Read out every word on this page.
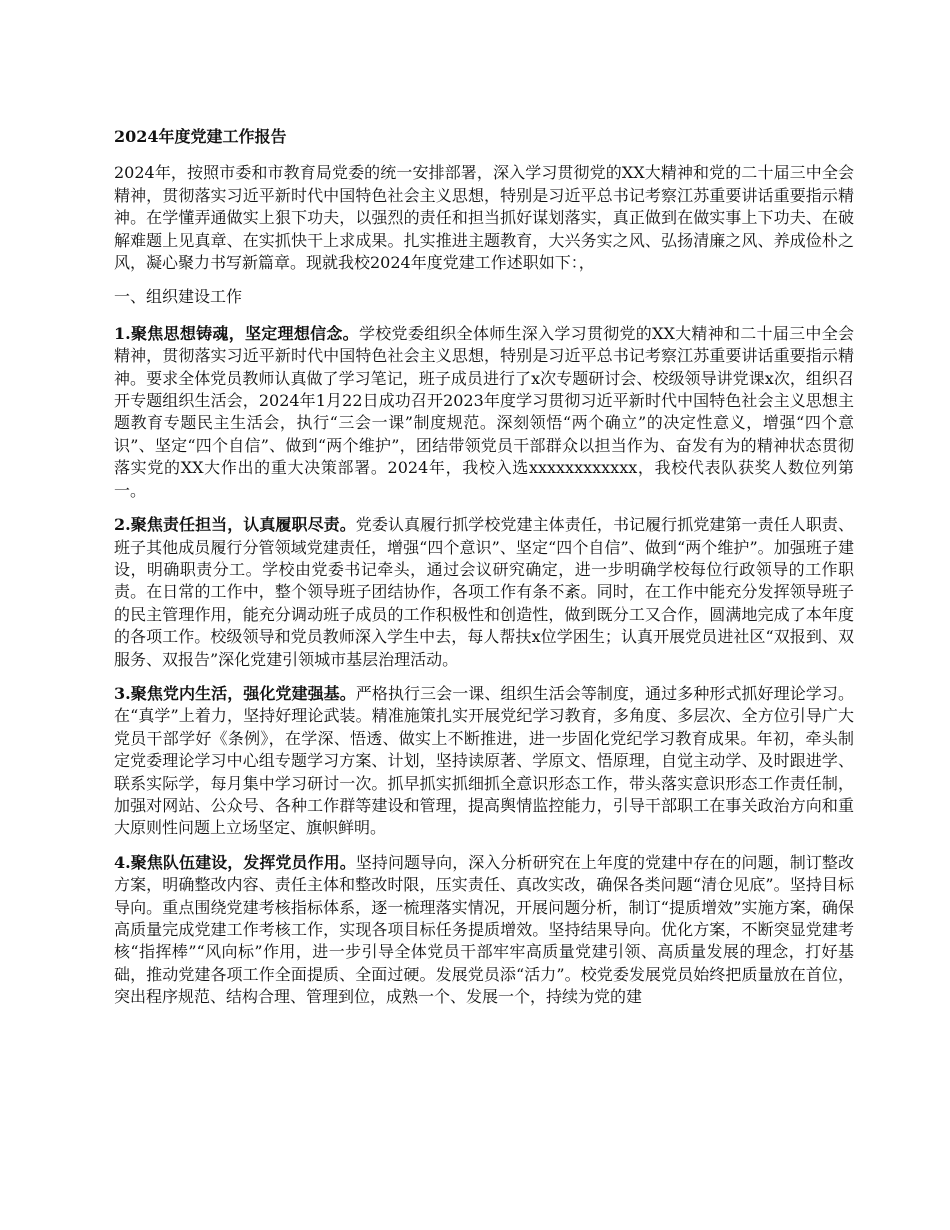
2024年度党建工作报告

2024年，按照市委和市教育局党委的统一安排部署，深入学习贯彻党的XX大精神和党的二十届三中全会精神，贯彻落实习近平新时代中国特色社会主义思想，特别是习近平总书记考察江苏重要讲话重要指示精神。在学懂弄通做实上狠下功夫，以强烈的责任和担当抓好谋划落实，真正做到在做实事上下功夫、在破解难题上见真章、在实抓快干上求成果。扎实推进主题教育，大兴务实之风、弘扬清廉之风、养成俭朴之风，凝心聚力书写新篇章。现就我校2024年度党建工作述职如下：，

一、组织建设工作

1.聚焦思想铸魂，坚定理想信念。学校党委组织全体师生深入学习贯彻党的XX大精神和二十届三中全会精神，贯彻落实习近平新时代中国特色社会主义思想，特别是习近平总书记考察江苏重要讲话重要指示精神。要求全体党员教师认真做了学习笔记，班子成员进行了x次专题研讨会、校级领导讲党课x次，组织召开专题组织生活会，2024年1月22日成功召开2023年度学习贯彻习近平新时代中国特色社会主义思想主题教育专题民主生活会，执行“三会一课”制度规范。深刻领悟“两个确立”的决定性意义，增强“四个意识”、坚定“四个自信”、做到“两个维护”，团结带领党员干部群众以担当作为、奋发有为的精神状态贯彻落实党的XX大作出的重大决策部署。2024年，我校入选xxxxxxxxxxxx，我校代表队获奖人数位列第一。

2.聚焦责任担当，认真履职尽责。党委认真履行抓学校党建主体责任，书记履行抓党建第一责任人职责、班子其他成员履行分管领域党建责任，增强“四个意识”、坚定“四个自信”、做到“两个维护”。加强班子建设，明确职责分工。学校由党委书记牵头，通过会议研究确定，进一步明确学校每位行政领导的工作职责。在日常的工作中，整个领导班子团结协作，各项工作有条不紊。同时，在工作中能充分发挥领导班子的民主管理作用，能充分调动班子成员的工作积极性和创造性，做到既分工又合作，圆满地完成了本年度的各项工作。校级领导和党员教师深入学生中去，每人帮扶x位学困生；认真开展党员进社区“双报到、双服务、双报告”深化党建引领城市基层治理活动。

3.聚焦党内生活，强化党建强基。严格执行三会一课、组织生活会等制度，通过多种形式抓好理论学习。在“真学”上着力，坚持好理论武装。精准施策扎实开展党纪学习教育，多角度、多层次、全方位引导广大党员干部学好《条例》，在学深、悟透、做实上不断推进，进一步固化党纪学习教育成果。年初，牵头制定党委理论学习中心组专题学习方案、计划，坚持读原著、学原文、悟原理，自觉主动学、及时跟进学、联系实际学，每月集中学习研讨一次。抓早抓实抓细抓全意识形态工作，带头落实意识形态工作责任制，加强对网站、公众号、各种工作群等建设和管理，提高舆情监控能力，引导干部职工在事关政治方向和重大原则性问题上立场坚定、旗帜鲜明。

4.聚焦队伍建设，发挥党员作用。坚持问题导向，深入分析研究在上年度的党建中存在的问题，制订整改方案，明确整改内容、责任主体和整改时限，压实责任、真改实改，确保各类问题“清仓见底”。坚持目标导向。重点围绕党建考核指标体系，逐一梳理落实情况，开展问题分析，制订“提质增效”实施方案，确保高质量完成党建工作考核工作，实现各项目标任务提质增效。坚持结果导向。优化方案，不断突显党建考核“指挥棒”“风向标”作用，进一步引导全体党员干部牢牢高质量党建引领、高质量发展的理念，打好基础，推动党建各项工作全面提质、全面过硬。发展党员添“活力”。校党委发展党员始终把质量放在首位，突出程序规范、结构合理、管理到位，成熟一个、发展一个，持续为党的建
